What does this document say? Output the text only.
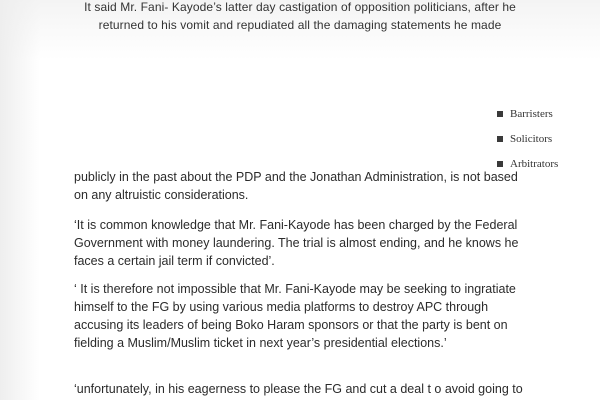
It said Mr. Fani- Kayode’s latter day castigation of opposition politicians, after he
returned to his vomit and repudiated all the damaging statements he made
Barristers
Solicitors
Arbitrators
publicly in the past about the PDP and the Jonathan Administration, is not based
on any altruistic considerations.
‘It is common knowledge that Mr. Fani-Kayode has been charged by the Federal
Government with money laundering. The trial is almost ending, and he knows he
faces a certain jail term if convicted’.
‘ It is therefore not impossible that Mr. Fani-Kayode may be seeking to ingratiate
himself to the FG by using various media platforms to destroy APC through
accusing its leaders of being Boko Haram sponsors or that the party is bent on
fielding a Muslim/Muslim ticket in next year’s presidential elections.’
‘unfortunately, in his eagerness to please the FG and cut a deal t o avoid going to
